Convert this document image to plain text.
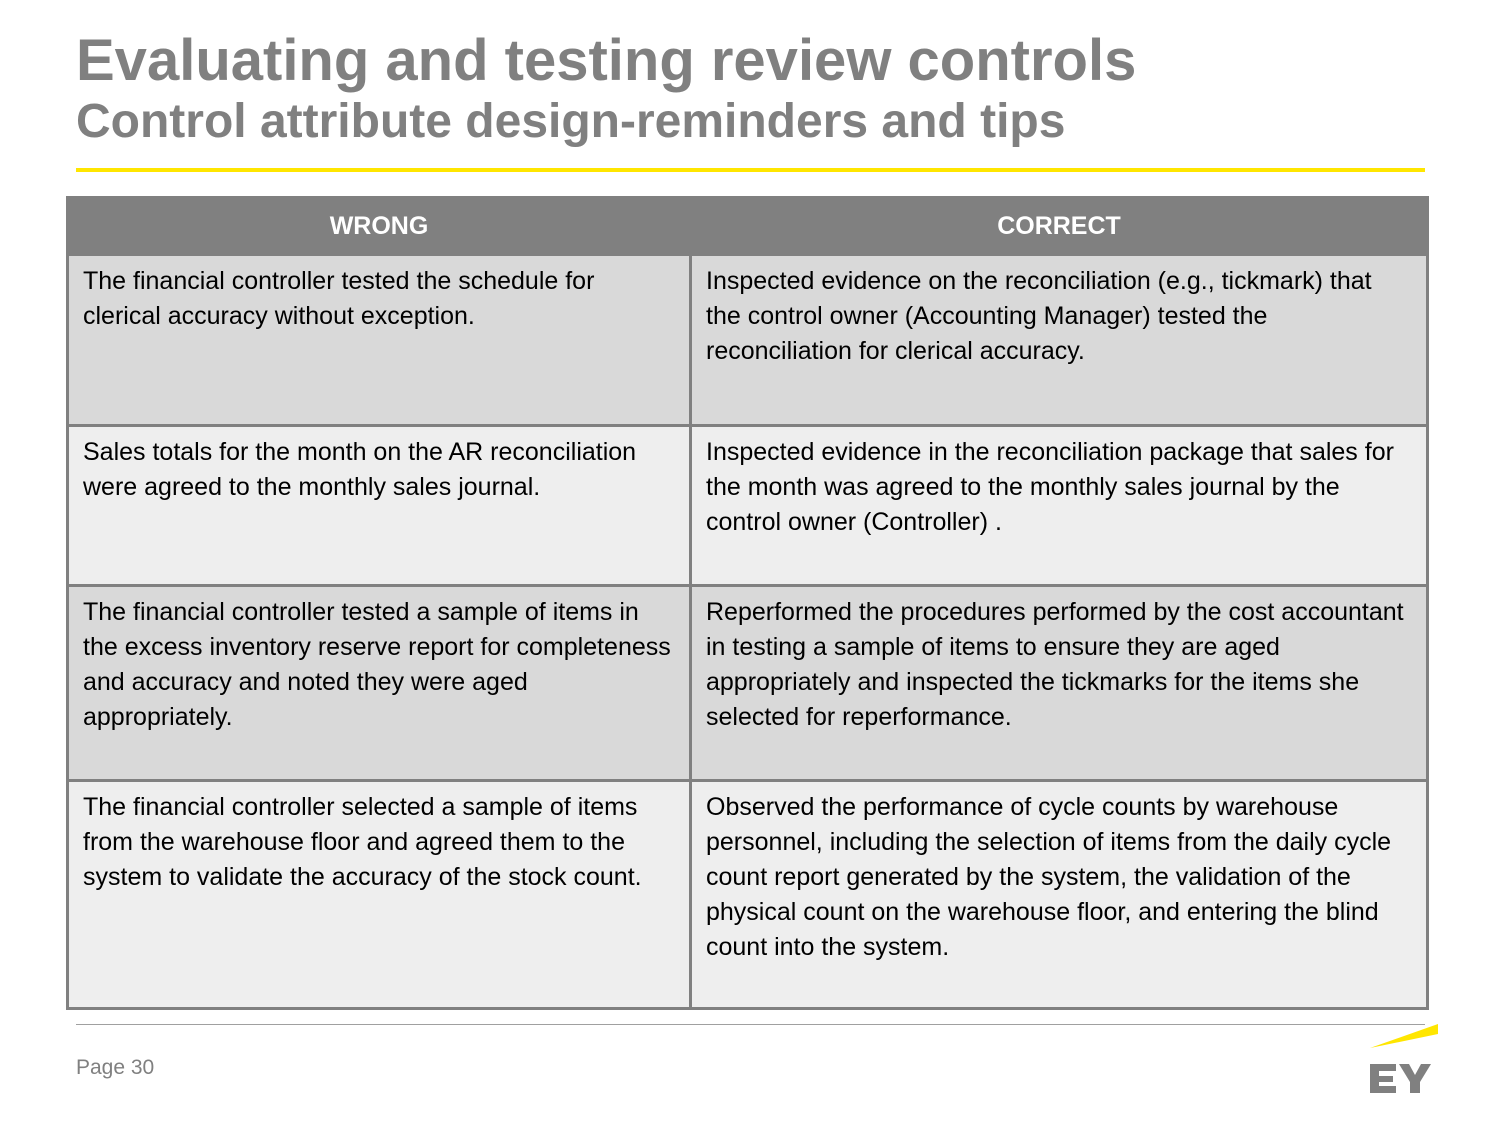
Evaluating and testing review controls
Control attribute design-reminders and tips
WRONG	CORRECT
The financial controller tested the schedule for clerical accuracy without exception.	Inspected evidence on the reconciliation (e.g., tickmark) that the control owner (Accounting Manager) tested the reconciliation for clerical accuracy.
Sales totals for the month on the AR reconciliation were agreed to the monthly sales journal.	Inspected evidence in the reconciliation package that sales for the month was agreed to the monthly sales journal by the control owner (Controller) .
The financial controller tested a sample of items in the excess inventory reserve report for completeness and accuracy and noted they were aged appropriately.	Reperformed the procedures performed by the cost accountant in testing a sample of items to ensure they are aged appropriately and inspected the tickmarks for the items she selected for reperformance.
The financial controller selected a sample of items from the warehouse floor and agreed them to the system to validate the accuracy of the stock count.	Observed the performance of cycle counts by warehouse personnel, including the selection of items from the daily cycle count report generated by the system, the validation of the physical count on the warehouse floor, and entering the blind count into the system.
Page 30
